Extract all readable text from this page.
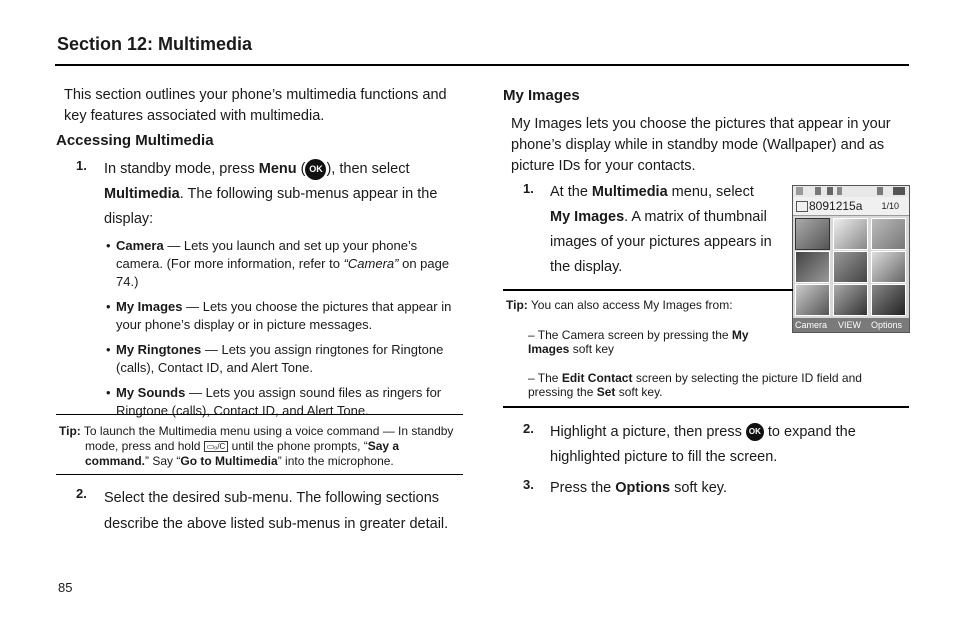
Section 12: Multimedia
This section outlines your phone’s multimedia functions and key features associated with multimedia.
Accessing Multimedia
1. In standby mode, press Menu ( OK ), then select
Multimedia. The following sub-menus appear in the display:
• Camera — Lets you launch and set up your phone’s camera. (For more information, refer to “Camera” on page 74.)
• My Images — Lets you choose the pictures that appear in your phone’s display or in picture messages.
• My Ringtones — Lets you assign ringtones for Ringtone (calls), Contact ID, and Alert Tone.
• My Sounds — Lets you assign sound files as ringers for Ringtone (calls), Contact ID, and Alert Tone.
Tip: To launch the Multimedia menu using a voice command — In standby

mode, press and hold ▭ₒ/C until the phone prompts, “Say a command.” Say “Go to Multimedia” into the microphone.
2. Select the desired sub-menu. The following sections describe the above listed sub-menus in greater detail.
My Images
My Images lets you choose the pictures that appear in your phone’s display while in standby mode (Wallpaper) and as picture IDs for your contacts.
1. At the Multimedia menu, select My Images. A matrix of thumbnail images of your pictures appears in the display.
8091215a 1/10
Camera VIEW Options
Tip: You can also access My Images from:
– The Camera screen by pressing the My Images soft key
– The Edit Contact screen by selecting the picture ID field and pressing the Set soft key.
2. Highlight a picture, then press OK to expand the highlighted picture to fill the screen.
3. Press the Options soft key.
85
